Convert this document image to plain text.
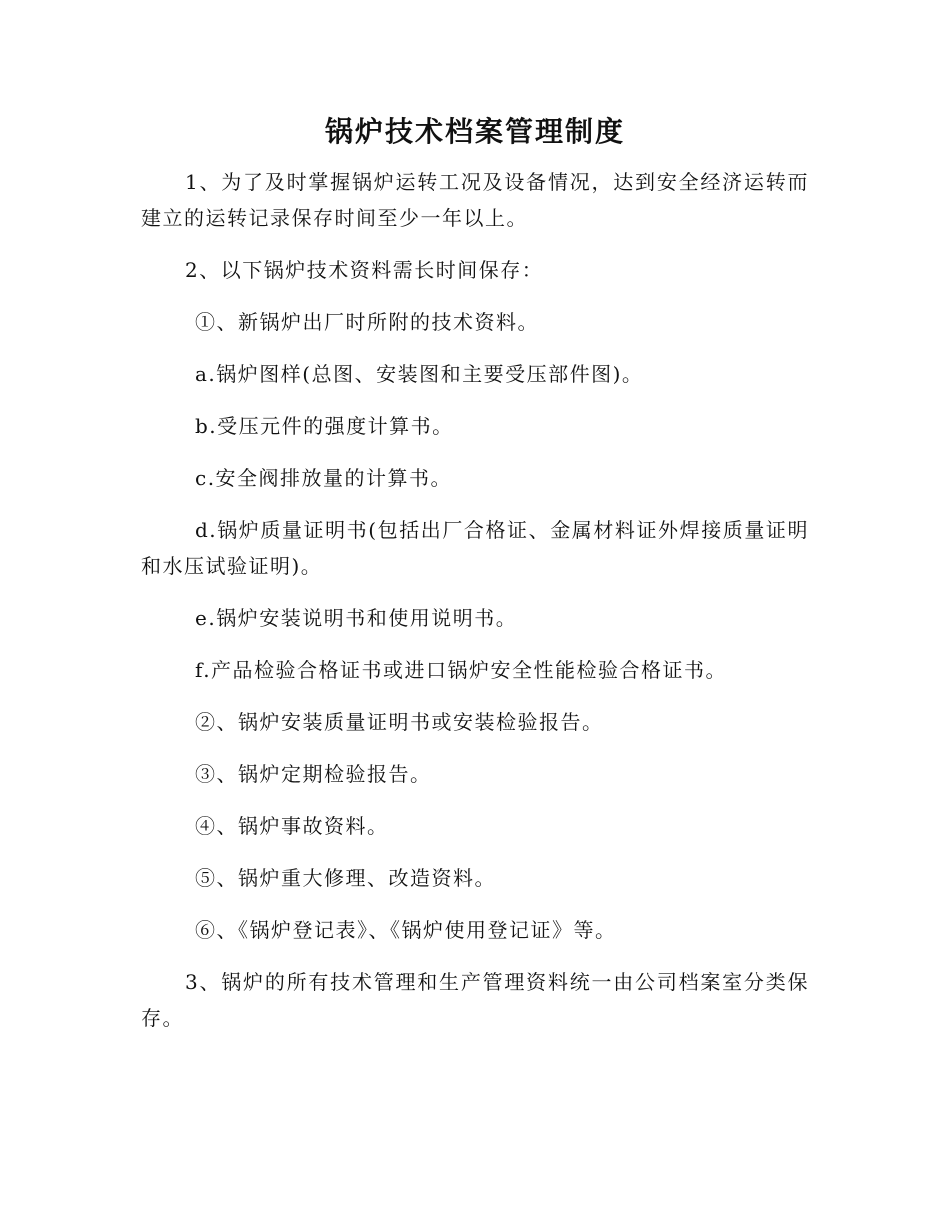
锅炉技术档案管理制度

1、为了及时掌握锅炉运转工况及设备情况，达到安全经济运转而建立的运转记录保存时间至少一年以上。

2、以下锅炉技术资料需长时间保存：

①、新锅炉出厂时所附的技术资料。

a.锅炉图样(总图、安装图和主要受压部件图)。

b.受压元件的强度计算书。

c.安全阀排放量的计算书。

d.锅炉质量证明书(包括出厂合格证、金属材料证外焊接质量证明和水压试验证明)。

e.锅炉安装说明书和使用说明书。

f.产品检验合格证书或进口锅炉安全性能检验合格证书。

②、锅炉安装质量证明书或安装检验报告。

③、锅炉定期检验报告。

④、锅炉事故资料。

⑤、锅炉重大修理、改造资料。

⑥、《锅炉登记表》、《锅炉使用登记证》等。

3、锅炉的所有技术管理和生产管理资料统一由公司档案室分类保存。
